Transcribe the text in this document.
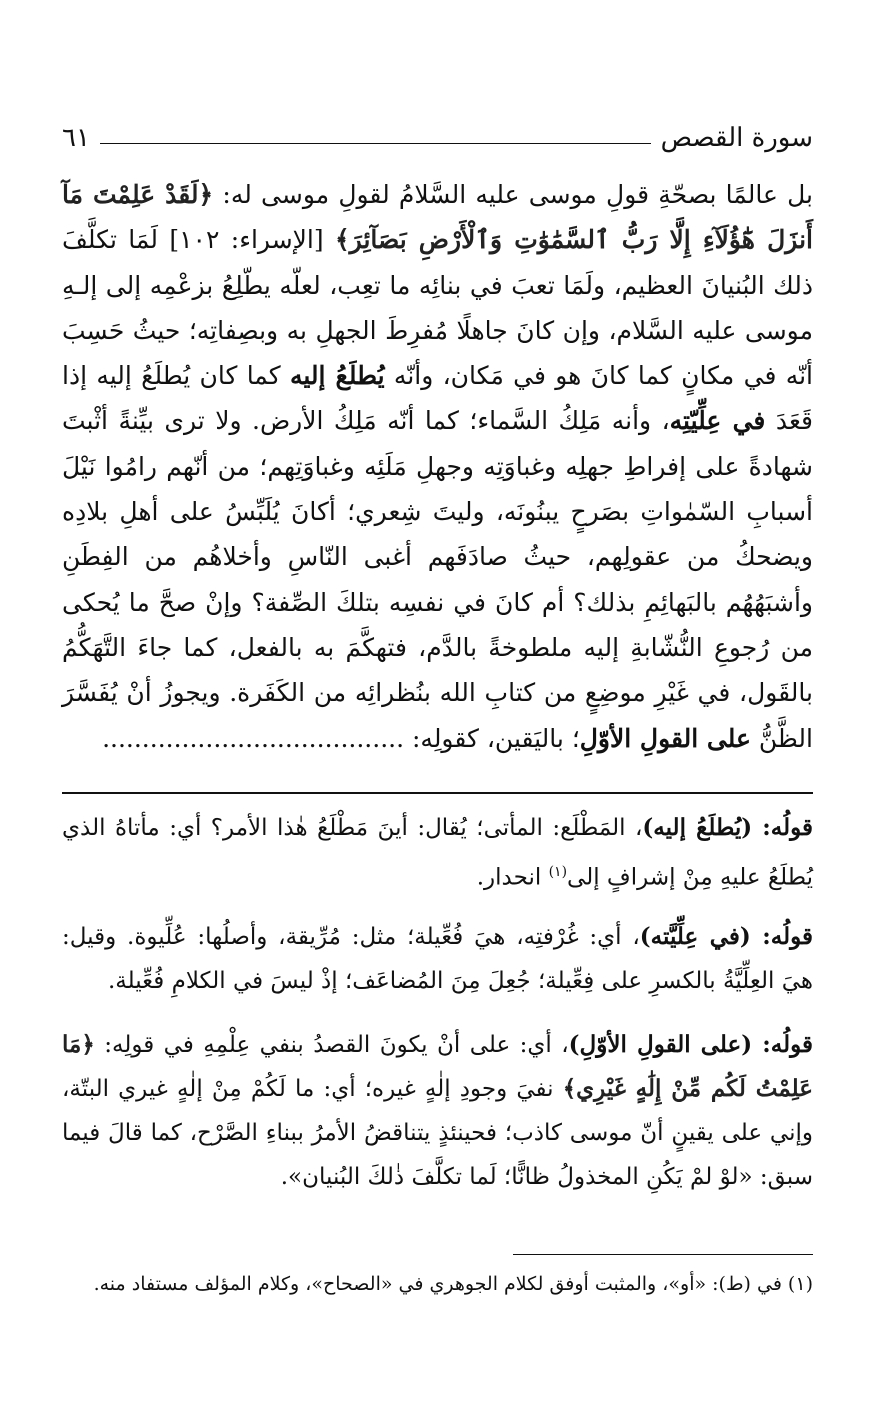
سورة القصص
٦١

بل عالمًا بصحّةِ قولِ موسى عليه السَّلامُ لقولِ موسى له: ﴿لَقَدْ عَلِمْتَ مَآ أَنزَلَ هَٰٓؤُلَآءِ إِلَّا رَبُّ ٱلسَّمَٰوَٰتِ وَٱلْأَرْضِ بَصَآئِرَ﴾ [الإسراء: ١٠٢] لَمَا تكلَّفَ ذلك البُنيانَ العظيم، ولَمَا تعبَ في بنائِه ما تعِب، لعلّه يطّلِعُ بزعْمِه إلى إلـهِ موسى عليه السَّلام، وإن كانَ جاهلًا مُفرِطَ الجهلِ به وبصِفاتِه؛ حيثُ حَسِبَ أنّه في مكانٍ كما كانَ هو في مَكان، وأنّه يُطلَعُ إليه كما كان يُطلَعُ إليه إذا قَعَدَ في عِلِّيّتِه، وأنه مَلِكُ السَّماء؛ كما أنّه مَلِكُ الأرض. ولا ترى بيِّنةً أثْبتَ شهادةً على إفراطِ جهلِه وغباوَتِه وجهلِ مَلَئِه وغباوَتِهم؛ من أنّهم رامُوا نَيْلَ أسبابِ السّمٰواتِ بصَرحٍ يبنُونَه، وليتَ شِعري؛ أكانَ يُلَبِّسُ على أهلِ بلادِه ويضحكُ من عقولِهم، حيثُ صادَفَهم أغبى النّاسِ وأخلاهُم من الفِطَنِ وأشبَهُهُم بالبَهائِمِ بذلك؟ أم كانَ في نفسِه بتلكَ الصِّفة؟ وإنْ صحَّ ما يُحكى من رُجوعِ النُّشّابةِ إليه ملطوخةً بالدَّم، فتهكَّمَ به بالفعل، كما جاءَ التَّهَكُّمُ بالقَول، في غَيْرِ موضِعٍ من كتابِ الله بنُظرائِه من الكَفَرة. ويجوزُ أنْ يُفَسَّرَ الظَّنُّ على القولِ الأوّلِ؛ باليَقين، كقولِه: ......................................

قولُه: (يُطلَعُ إليه)، المَطْلَع: المأتى؛ يُقال: أينَ مَطْلَعُ هٰذا الأمر؟ أي: مأتاهُ الذي يُطلَعُ عليهِ مِنْ إشرافٍ إلى$^{(١)}$ انحدار.

قولُه: (في عِلِّيَّته)، أي: غُرْفتِه، هيَ فُعِّيلة؛ مثل: مُرِّيقة، وأصلُها: عُلِّيوة. وقيل: هيَ العِلِّيَّةُ بالكسرِ على فِعِّيلة؛ جُعِلَ مِنَ المُضاعَف؛ إذْ ليسَ في الكلامِ فُعِّيلة.

قولُه: (على القولِ الأوّلِ)، أي: على أنْ يكونَ القصدُ بنفي عِلْمِهِ في قولِه: ﴿مَا عَلِمْتُ لَكُم مِّنْ إِلَٰهٍ غَيْرِي﴾ نفيَ وجودِ إلٰهٍ غيره؛ أي: ما لَكُمْ مِنْ إلٰهٍ غيري البتّة، وإني على يقينٍ أنّ موسى كاذب؛ فحينئذٍ يتناقضُ الأمرُ ببناءِ الصَّرْح، كما قالَ فيما سبق: «لوْ لمْ يَكُنِ المخذولُ ظانًّا؛ لَما تكلَّفَ ذٰلكَ البُنيان».

(١) في (ط): «أو»، والمثبت أوفق لكلام الجوهري في «الصحاح»، وكلام المؤلف مستفاد منه.
